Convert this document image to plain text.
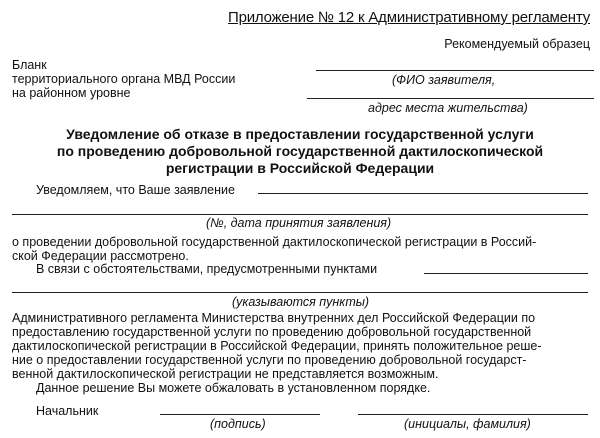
Приложение № 12 к Административному регламенту
Рекомендуемый образец
Бланк
территориального органа МВД России
на районном уровне
(ФИО заявителя,
адрес места жительства)
Уведомление об отказе в предоставлении государственной услуги
по проведению добровольной государственной дактилоскопической
регистрации в Российской Федерации
Уведомляем, что Ваше заявление
(№, дата принятия заявления)
о проведении добровольной государственной дактилоскопической регистрации в Россий-
ской Федерации рассмотрено.
В связи с обстоятельствами, предусмотренными пунктами
(указываются пункты)
Административного регламента Министерства внутренних дел Российской Федерации по
предоставлению государственной услуги по проведению добровольной государственной
дактилоскопической регистрации в Российской Федерации, принять положительное реше-
ние о предоставлении государственной услуги по проведению добровольной государст-
венной дактилоскопической регистрации не представляется возможным.
Данное решение Вы можете обжаловать в установленном порядке.
Начальник
(подпись)	(инициалы, фамилия)
